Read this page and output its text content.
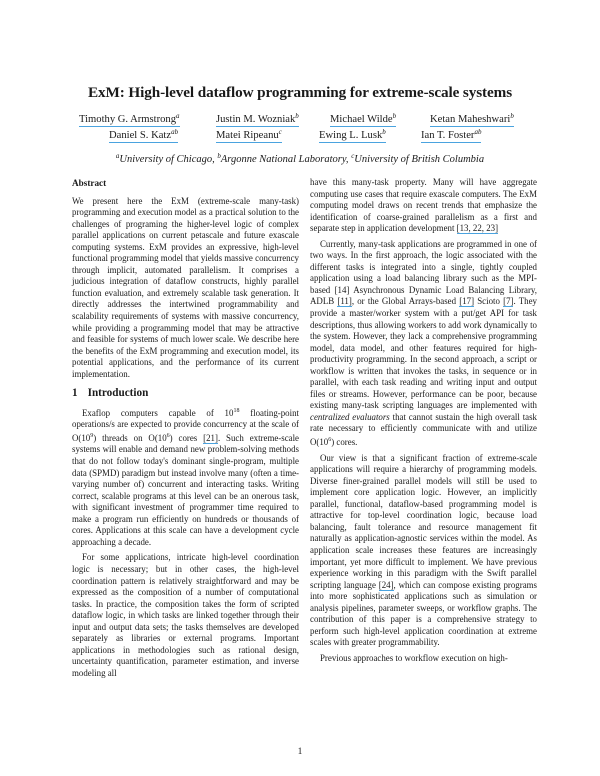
ExM: High-level dataflow programming for extreme-scale systems
Timothy G. Armstrong$^a$	Justin M. Wozniak$^b$	Michael Wilde$^b$	Ketan Maheshwari$^b$
Daniel S. Katz$^{ab}$	Matei Ripeanu$^c$	Ewing L. Lusk$^b$	Ian T. Foster$^{ab}$
$^a$University of Chicago, $^b$Argonne National Laboratory, $^c$University of British Columbia
Abstract

We present here the ExM (extreme-scale many-task) programming and execution model as a practical solution to the challenges of programing the higher-level logic of complex parallel applications on current petascale and future exascale computing systems. ExM provides an expressive, high-level functional programming model that yields massive concurrency through implicit, automated parallelism. It comprises a judicious integration of dataflow constructs, highly parallel function evaluation, and extremely scalable task generation. It directly addresses the intertwined programmability and scalability requirements of systems with massive concurrency, while providing a programming model that may be attractive and feasible for systems of much lower scale. We describe here the benefits of the ExM programming and execution model, its potential applications, and the performance of its current implementation.

1 Introduction

Exaflop computers capable of $10^{18}$ floating-point operations/s are expected to provide concurrency at the scale of $O(10^9)$ threads on $O(10^6)$ cores [21]. Such extreme-scale systems will enable and demand new problem-solving methods that do not follow today's dominant single-program, multiple data (SPMD) paradigm but instead involve many (often a time-varying number of) concurrent and interacting tasks. Writing correct, scalable programs at this level can be an onerous task, with significant investment of programmer time required to make a program run efficiently on hundreds or thousands of cores. Applications at this scale can have a development cycle approaching a decade.

For some applications, intricate high-level coordination logic is necessary; but in other cases, the high-level coordination pattern is relatively straightforward and may be expressed as the composition of a number of computational tasks. In practice, the composition takes the form of scripted dataflow logic, in which tasks are linked together through their input and output data sets; the tasks themselves are developed separately as libraries or external programs. Important applications in methodologies such as rational design, uncertainty quantification, parameter estimation, and inverse modeling all

have this many-task property. Many will have aggregate computing use cases that require exascale computers. The ExM computing model draws on recent trends that emphasize the identification of coarse-grained parallelism as a first and separate step in application development [13, 22, 23]

Currently, many-task applications are programmed in one of two ways. In the first approach, the logic associated with the different tasks is integrated into a single, tightly coupled application using a load balancing library such as the MPI-based [14] Asynchronous Dynamic Load Balancing Library, ADLB [11], or the Global Arrays-based [17] Scioto [7]. They provide a master/worker system with a put/get API for task descriptions, thus allowing workers to add work dynamically to the system. However, they lack a comprehensive programming model, data model, and other features required for high-productivity programming. In the second approach, a script or workflow is written that invokes the tasks, in sequence or in parallel, with each task reading and writing input and output files or streams. However, performance can be poor, because existing many-task scripting languages are implemented with centralized evaluators that cannot sustain the high overall task rate necessary to efficiently communicate with and utilize $O(10^6)$ cores.

Our view is that a significant fraction of extreme-scale applications will require a hierarchy of programming models. Diverse finer-grained parallel models will still be used to implement core application logic. However, an implicitly parallel, functional, dataflow-based programming model is attractive for top-level coordination logic, because load balancing, fault tolerance and resource management fit naturally as application-agnostic services within the model. As application scale increases these features are increasingly important, yet more difficult to implement. We have previous experience working in this paradigm with the Swift parallel scripting language [24], which can compose existing programs into more sophisticated applications such as simulation or analysis pipelines, parameter sweeps, or workflow graphs. The contribution of this paper is a comprehensive strategy to perform such high-level application coordination at extreme scales with greater programmability.

Previous approaches to workflow execution on high-

1
